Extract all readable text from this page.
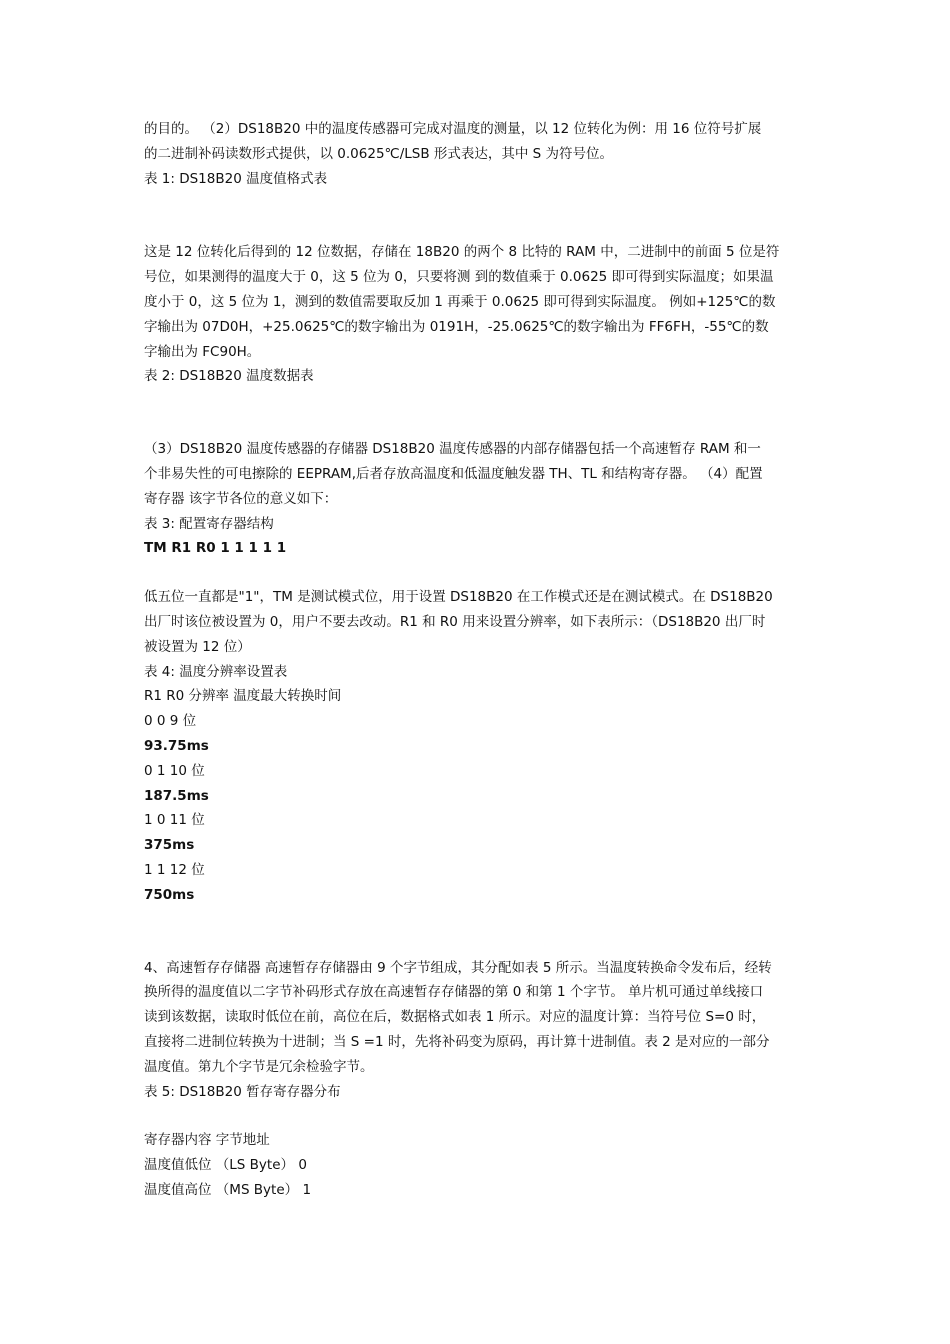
的目的。 （2）DS18B20 中的温度传感器可完成对温度的测量，以 12 位转化为例：用 16 位符号扩展

的二进制补码读数形式提供，以 0.0625℃/LSB 形式表达，其中 S 为符号位。

表 1: DS18B20 温度值格式表

这是 12 位转化后得到的 12 位数据，存储在 18B20 的两个 8 比特的 RAM 中，二进制中的前面 5 位是符

号位，如果测得的温度大于 0，这 5 位为 0，只要将测 到的数值乘于 0.0625 即可得到实际温度；如果温

度小于 0，这 5 位为 1，测到的数值需要取反加 1 再乘于 0.0625 即可得到实际温度。 例如+125℃的数

字输出为 07D0H，+25.0625℃的数字输出为 0191H，-25.0625℃的数字输出为 FF6FH，-55℃的数

字输出为 FC90H。

表 2: DS18B20 温度数据表

（3）DS18B20 温度传感器的存储器 DS18B20 温度传感器的内部存储器包括一个高速暂存 RAM 和一

个非易失性的可电擦除的 EEPRAM,后者存放高温度和低温度触发器 TH、TL 和结构寄存器。 （4）配置

寄存器 该字节各位的意义如下：

表 3: 配置寄存器结构

TM R1 R0 1 1 1 1 1

低五位一直都是"1"，TM 是测试模式位，用于设置 DS18B20 在工作模式还是在测试模式。在 DS18B20

出厂时该位被设置为 0，用户不要去改动。R1 和 R0 用来设置分辨率，如下表所示：（DS18B20 出厂时

被设置为 12 位）

表 4: 温度分辨率设置表

R1 R0 分辨率 温度最大转换时间

0 0 9 位

93.75ms

0 1 10 位

187.5ms

1 0 11 位

375ms

1 1 12 位

750ms

4、高速暂存存储器 高速暂存存储器由 9 个字节组成，其分配如表 5 所示。当温度转换命令发布后，经转

换所得的温度值以二字节补码形式存放在高速暂存存储器的第 0 和第 1 个字节。 单片机可通过单线接口

读到该数据，读取时低位在前，高位在后，数据格式如表 1 所示。对应的温度计算：当符号位 S=0 时，

直接将二进制位转换为十进制；当 S =1 时，先将补码变为原码，再计算十进制值。表 2 是对应的一部分

温度值。第九个字节是冗余检验字节。

表 5: DS18B20 暂存寄存器分布

寄存器内容 字节地址

温度值低位 （LS Byte） 0

温度值高位 （MS Byte） 1
